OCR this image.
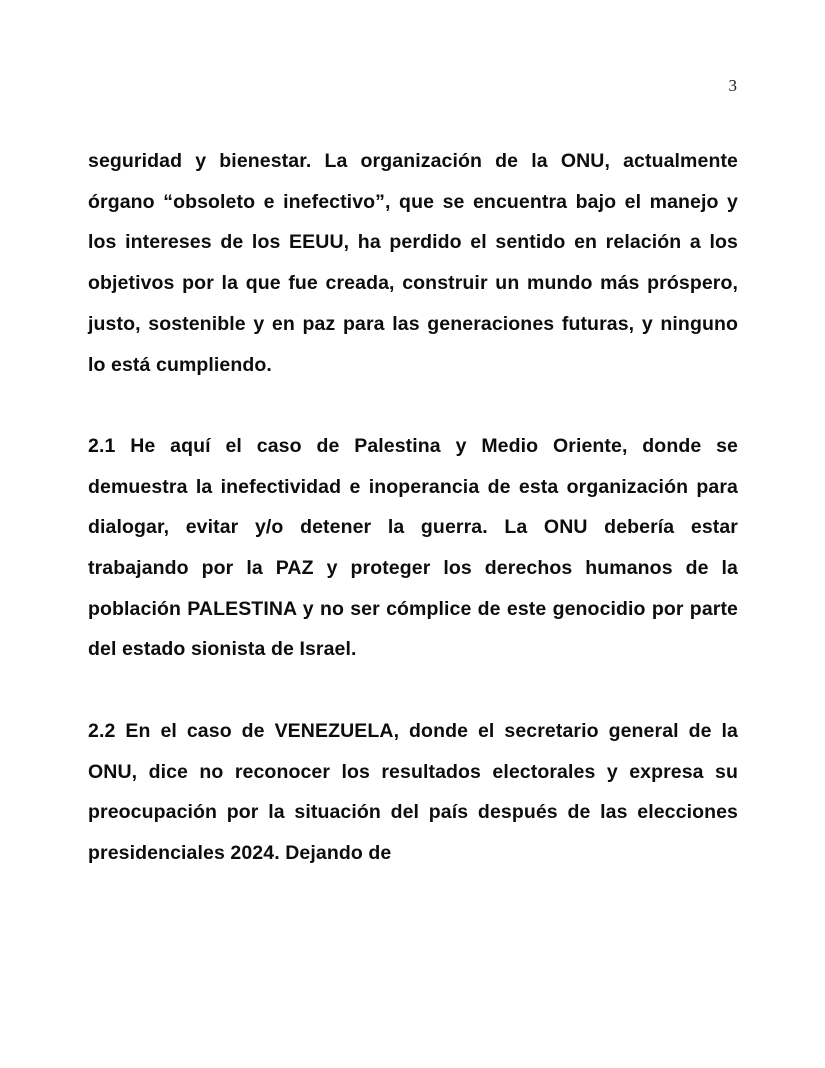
3

seguridad y bienestar. La organización de la ONU, actualmente órgano “obsoleto e inefectivo”, que se encuentra bajo el manejo y los intereses de los EEUU, ha perdido el sentido en relación a los objetivos por la que fue creada, construir un mundo más próspero, justo, sostenible y en paz para las generaciones futuras, y ninguno lo está cumpliendo.

2.1 He aquí el caso de Palestina y Medio Oriente, donde se demuestra la inefectividad e inoperancia de esta organización para dialogar, evitar y/o detener la guerra. La ONU debería estar trabajando por la PAZ y proteger los derechos humanos de la población PALESTINA y no ser cómplice de este genocidio por parte del estado sionista de Israel.

2.2 En el caso de VENEZUELA, donde el secretario general de la ONU, dice no reconocer los resultados electorales y expresa su preocupación por la situación del país después de las elecciones presidenciales 2024. Dejando de
